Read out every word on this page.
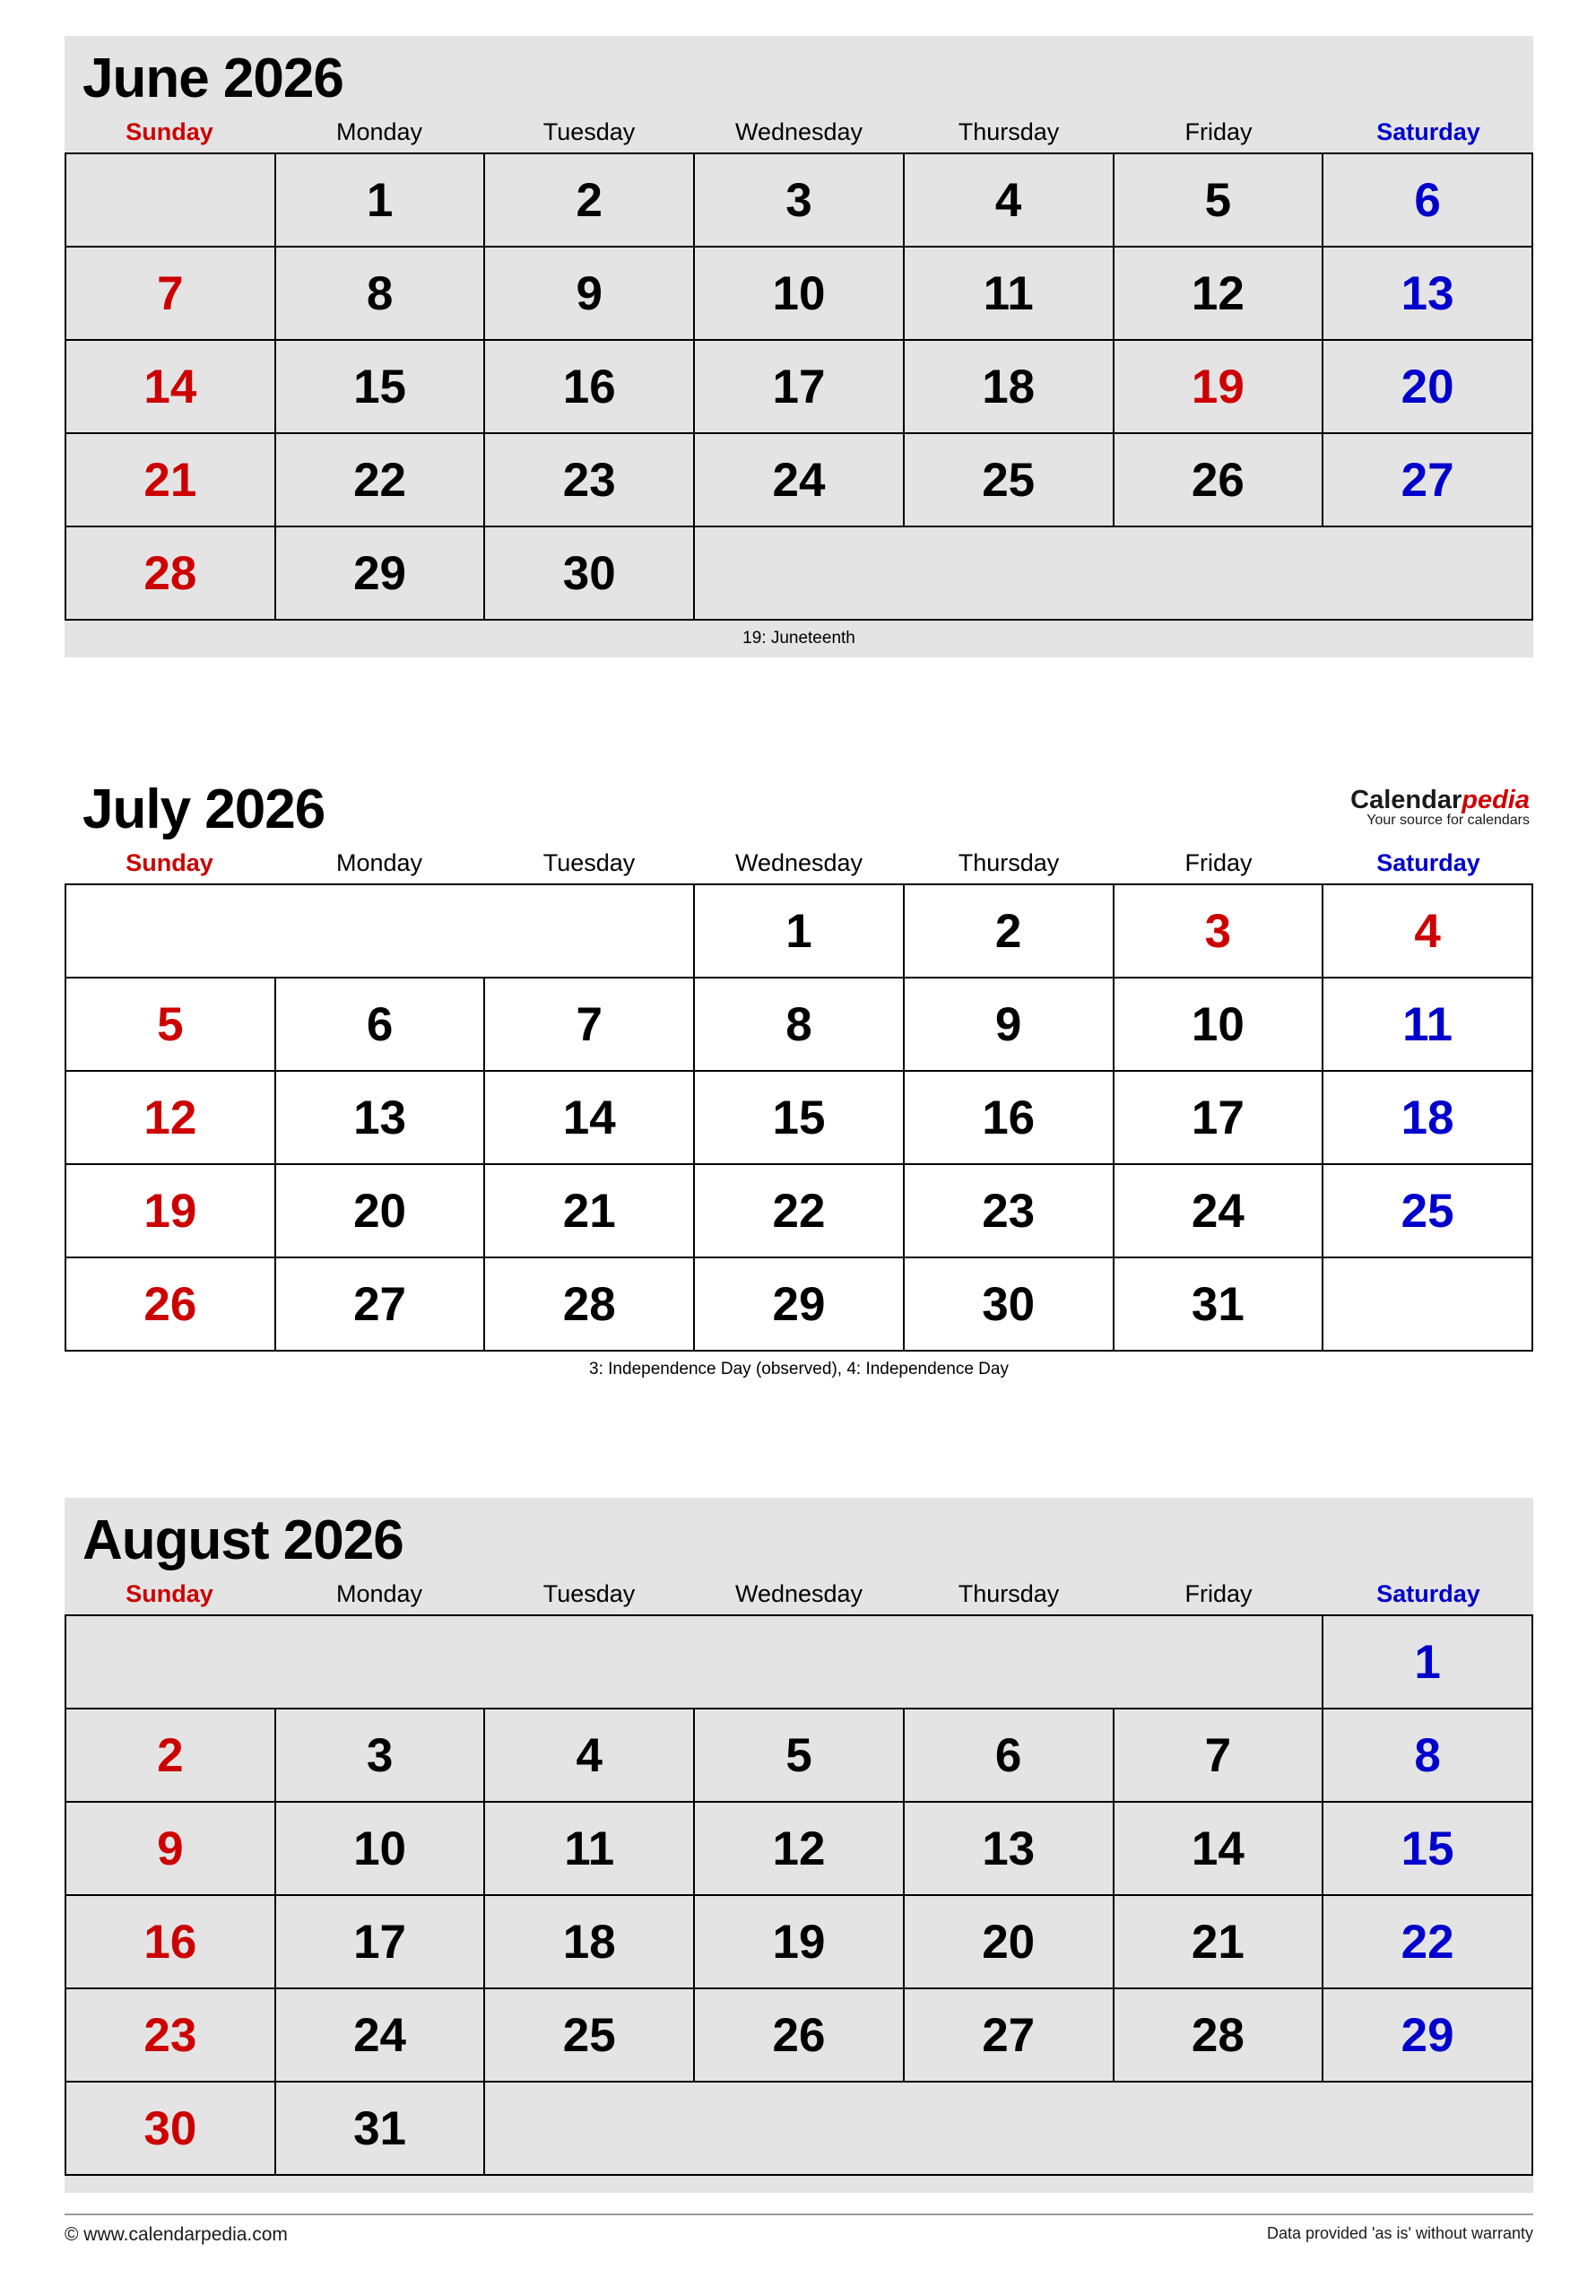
June 2026
Sunday	Monday	Tuesday	Wednesday	Thursday	Friday	Saturday
	1	2	3	4	5	6
7	8	9	10	11	12	13
14	15	16	17	18	19	20
21	22	23	24	25	26	27
28	29	30				
19: Juneteenth
July 2026	Calendarpedia
Your source for calendars
Sunday	Monday	Tuesday	Wednesday	Thursday	Friday	Saturday
			1	2	3	4
5	6	7	8	9	10	11
12	13	14	15	16	17	18
19	20	21	22	23	24	25
26	27	28	29	30	31	
3: Independence Day (observed), 4: Independence Day
August 2026
Sunday	Monday	Tuesday	Wednesday	Thursday	Friday	Saturday
						1
2	3	4	5	6	7	8
9	10	11	12	13	14	15
16	17	18	19	20	21	22
23	24	25	26	27	28	29
30	31					
© www.calendarpedia.com	Data provided 'as is' without warranty
